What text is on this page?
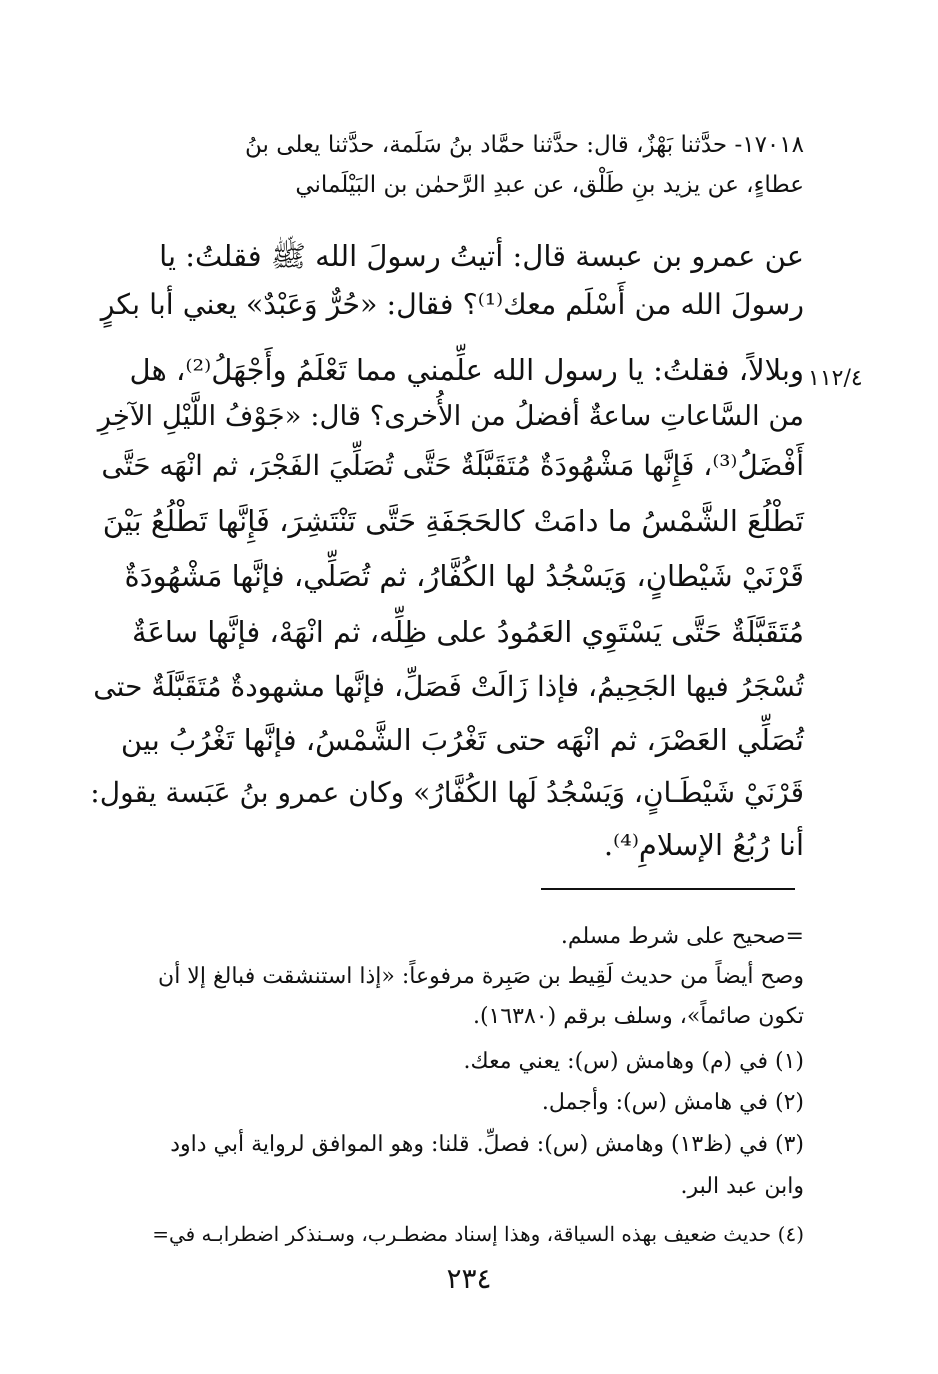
١٧٠١٨- حدَّثنا بَهْزٌ، قال: حدَّثنا حمَّاد بنُ سَلَمة، حدَّثنا يعلى بنُ
عطاءٍ، عن يزيد بنِ طَلْق، عن عبدِ الرَّحمٰن بن البَيْلَماني
١١٢/٤
عن عمرو بن عبسة قال: أتيتُ رسولَ الله ﷺ فقلتُ: يا
رسولَ الله من أَسْلَم معك⁽¹⁾؟ فقال: «حُرٌّ وَعَبْدٌ» يعني أبا بكرٍ
وبلالاً، فقلتُ: يا رسول الله علِّمني مما تَعْلَمُ وأَجْهَلُ⁽²⁾، هل
من السَّاعاتِ ساعةٌ أفضلُ من الأُخرى؟ قال: «جَوْفُ اللَّيْلِ الآخِرِ
أَفْضَلُ⁽³⁾، فَإِنَّها مَشْهُودَةٌ مُتَقَبَّلَةٌ حَتَّى تُصَلِّيَ الفَجْرَ، ثم انْهَه حَتَّى
تَطْلُعَ الشَّمْسُ ما دامَتْ كالحَجَفَةِ حَتَّى تَنْتَشِرَ، فَإِنَّها تَطْلُعُ بَيْنَ
قَرْنَيْ شَيْطانٍ، وَيَسْجُدُ لها الكُفَّارُ، ثم تُصَلِّي، فإنَّها مَشْهُودَةٌ
مُتَقَبَّلَةٌ حَتَّى يَسْتَوِي العَمُودُ على ظِلِّه، ثم انْهَهْ، فإنَّها ساعَةٌ
تُسْجَرُ فيها الجَحِيمُ، فإذا زَالَتْ فَصَلِّ، فإنَّها مشهودةٌ مُتَقَبَّلَةٌ حتى
تُصَلِّي العَصْرَ، ثم انْهَه حتى تَغْرُبَ الشَّمْسُ، فإنَّها تَغْرُبُ بين
قَرْنَيْ شَيْطَـانٍ، وَيَسْجُدُ لَها الكُفَّارُ» وكان عمرو بنُ عَبَسة يقول:
أنا رُبُعُ الإسلامِ⁽⁴⁾.
=صحيح على شرط مسلم.
وصح أيضاً من حديث لَقِيط بن صَبِرة مرفوعاً: «إذا استنشقت فبالغ إلا أن
تكون صائماً»، وسلف برقم (١٦٣٨٠).
(١) في (م) وهامش (س): يعني معك.
(٢) في هامش (س): وأجمل.
(٣) في (ظ١٣) وهامش (س): فصلِّ. قلنا: وهو الموافق لرواية أبي داود
وابن عبد البر.
(٤) حديث ضعيف بهذه السياقة، وهذا إسناد مضطـرب، وسـنذكر اضطرابـه في=
٢٣٤
